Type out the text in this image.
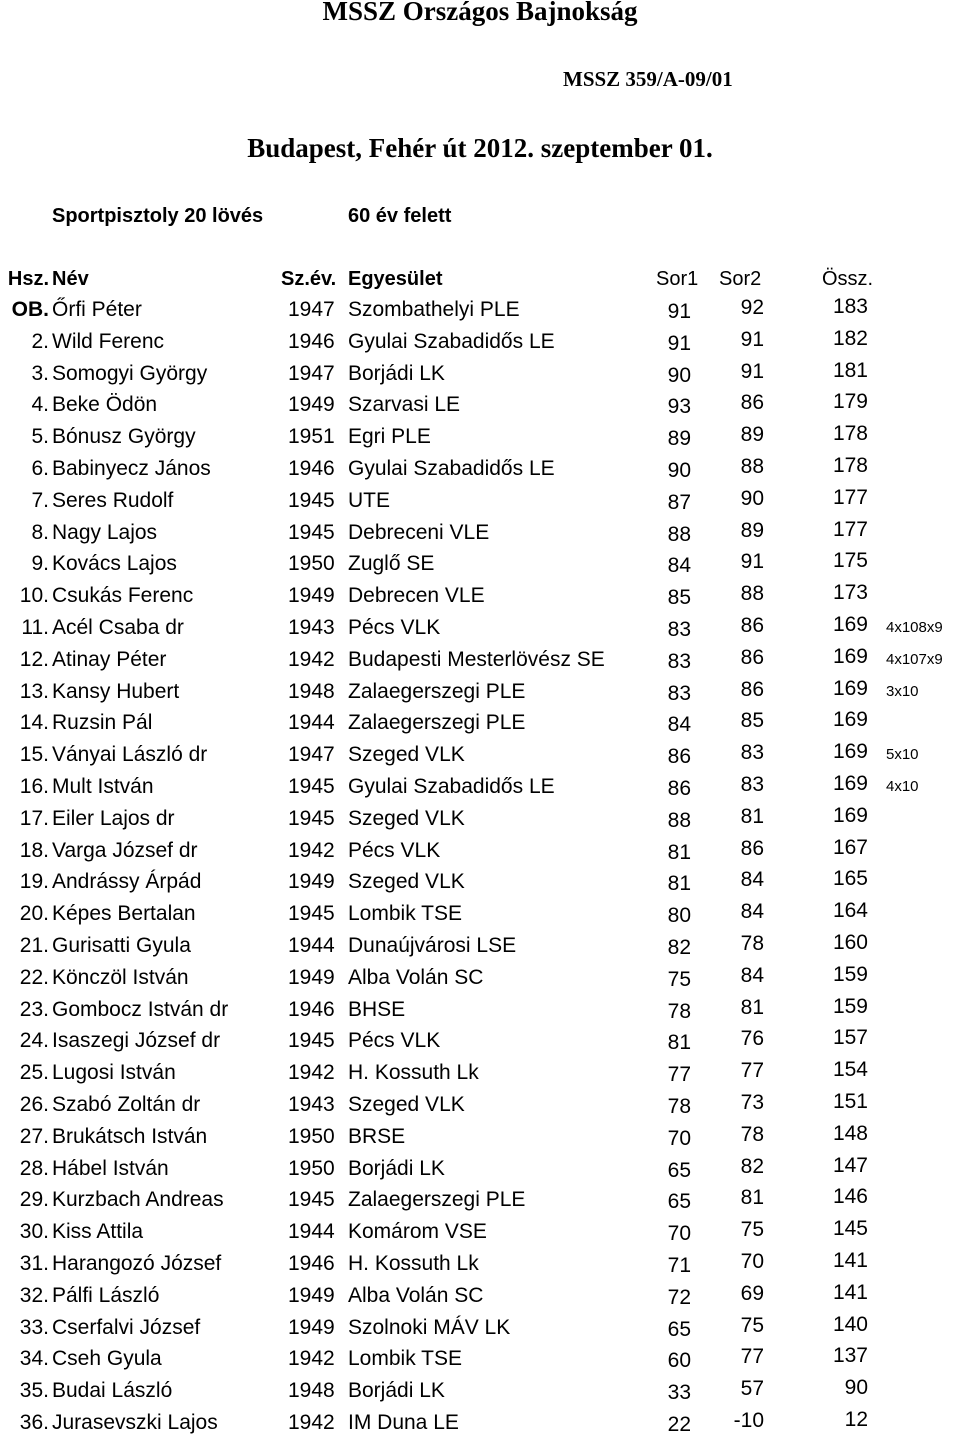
MSSZ Országos Bajnokság
MSSZ 359/A-09/01
Budapest, Fehér út 2012. szeptember 01.
Sportpisztoly 20 lövés	60 év felett
Hsz. Név	Sz.év. Egyesület	Sor1 Sor2	Össz.
OB. Őrfi Péter	1947 Szombathelyi PLE	91 92	183
2. Wild Ferenc	1946 Gyulai Szabadidős LE	91 91	182
3. Somogyi György	1947 Borjádi LK	90 91	181
4. Beke Ödön	1949 Szarvasi LE	93 86	179
5. Bónusz György	1951 Egri PLE	89 89	178
6. Babinyecz János	1946 Gyulai Szabadidős LE	90 88	178
7. Seres Rudolf	1945 UTE	87 90	177
8. Nagy Lajos	1945 Debreceni VLE	88 89	177
9. Kovács Lajos	1950 Zuglő SE	84 91	175
10. Csukás Ferenc	1949 Debrecen VLE	85 88	173
11. Acél Csaba dr	1943 Pécs VLK	83 86	169 4x108x9
12. Atinay Péter	1942 Budapesti Mesterlövész SE	83 86	169 4x107x9
13. Kansy Hubert	1948 Zalaegerszegi PLE	83 86	169 3x10
14. Ruzsin Pál	1944 Zalaegerszegi PLE	84 85	169
15. Ványai László dr	1947 Szeged VLK	86 83	169 5x10
16. Mult István	1945 Gyulai Szabadidős LE	86 83	169 4x10
17. Eiler Lajos dr	1945 Szeged VLK	88 81	169
18. Varga József dr	1942 Pécs VLK	81 86	167
19. Andrássy Árpád	1949 Szeged VLK	81 84	165
20. Képes Bertalan	1945 Lombik TSE	80 84	164
21. Gurisatti Gyula	1944 Dunaújvárosi LSE	82 78	160
22. Könczöl István	1949 Alba Volán SC	75 84	159
23. Gombocz István dr	1946 BHSE	78 81	159
24. Isaszegi József dr	1945 Pécs VLK	81 76	157
25. Lugosi István	1942 H. Kossuth Lk	77 77	154
26. Szabó Zoltán dr	1943 Szeged VLK	78 73	151
27. Brukátsch István	1950 BRSE	70 78	148
28. Hábel István	1950 Borjádi LK	65 82	147
29. Kurzbach Andreas	1945 Zalaegerszegi PLE	65 81	146
30. Kiss Attila	1944 Komárom VSE	70 75	145
31. Harangozó József	1946 H. Kossuth Lk	71 70	141
32. Pálfi László	1949 Alba Volán SC	72 69	141
33. Cserfalvi József	1949 Szolnoki MÁV LK	65 75	140
34. Cseh Gyula	1942 Lombik TSE	60 77	137
35. Budai László	1948 Borjádi LK	33 57	90
36. Jurasevszki Lajos	1942 IM Duna LE	22 -10	12
